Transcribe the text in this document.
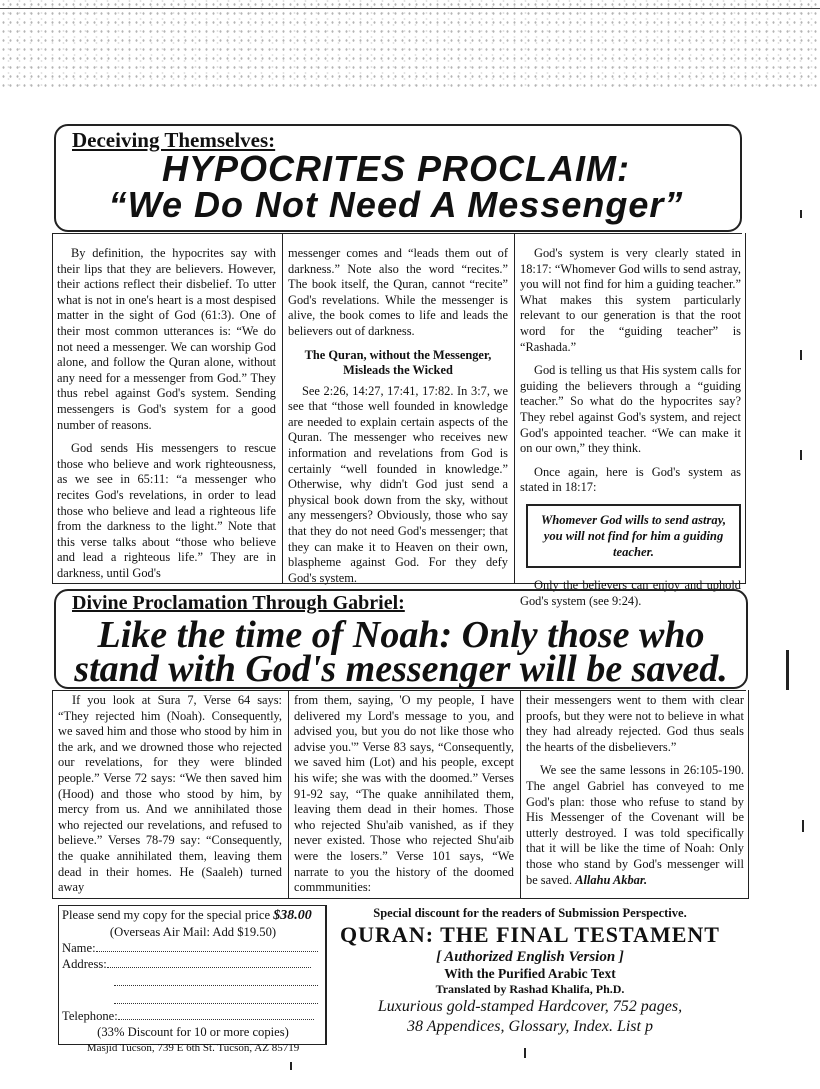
Deceiving Themselves:
HYPOCRITES PROCLAIM:
“We Do Not Need A Messenger”

By definition, the hypocrites say with their lips that they are believers. However, their actions reflect their disbelief. To utter what is not in one's heart is a most despised matter in the sight of God (61:3). One of their most common utterances is: “We do not need a messenger. We can worship God alone, and follow the Quran alone, without any need for a messenger from God.” They thus rebel against God's system. Sending messengers is God's system for a good number of reasons.

God sends His messengers to rescue those who believe and work righteousness, as we see in 65:11: “a messenger who recites God's revelations, in order to lead those who believe and lead a righteous life from the darkness to the light.” Note that this verse talks about “those who believe and lead a righteous life.” They are in darkness, until God's

messenger comes and “leads them out of darkness.” Note also the word “recites.” The book itself, the Quran, cannot “recite” God's revelations. While the messenger is alive, the book comes to life and leads the believers out of darkness.

The Quran, without the Messenger,
Misleads the Wicked

See 2:26, 14:27, 17:41, 17:82. In 3:7, we see that “those well founded in knowledge are needed to explain certain aspects of the Quran. The messenger who receives new information and revelations from God is certainly “well founded in knowledge.” Otherwise, why didn't God just send a physical book down from the sky, without any messengers? Obviously, those who say that they do not need God's messenger; that they can make it to Heaven on their own, blaspheme against God. For they defy God's system.

God's system is very clearly stated in 18:17: “Whomever God wills to send astray, you will not find for him a guiding teacher.” What makes this system particularly relevant to our generation is that the root word for the “guiding teacher” is “Rashada.”

God is telling us that His system calls for guiding the believers through a “guiding teacher.” So what do the hypocrites say? They rebel against God's system, and reject God's appointed teacher. “We can make it on our own,” they think.

Once again, here is God's system as stated in 18:17:

Whomever God wills to send astray, you will not find for him a guiding teacher.

Only the believers can enjoy and uphold God's system (see 9:24).

Divine Proclamation Through Gabriel:
Like the time of Noah: Only those who
stand with God's messenger will be saved.

If you look at Sura 7, Verse 64 says: “They rejected him (Noah). Consequently, we saved him and those who stood by him in the ark, and we drowned those who rejected our revelations, for they were blinded people.” Verse 72 says: “We then saved him (Hood) and those who stood by him, by mercy from us. And we annihilated those who rejected our revelations, and refused to believe.” Verses 78-79 say: “Consequently, the quake annihilated them, leaving them dead in their homes. He (Saaleh) turned away

from them, saying, 'O my people, I have delivered my Lord's message to you, and advised you, but you do not like those who advise you.'” Verse 83 says, “Consequently, we saved him (Lot) and his people, except his wife; she was with the doomed.” Verses 91-92 say, “The quake annihilated them, leaving them dead in their homes. Those who rejected Shu'aib vanished, as if they never existed. Those who rejected Shu'aib were the losers.” Verse 101 says, “We narrate to you the history of the doomed commmunities:

their messengers went to them with clear proofs, but they were not to believe in what they had already rejected. God thus seals the hearts of the disbelievers.”

We see the same lessons in 26:105-190. The angel Gabriel has conveyed to me God's plan: those who refuse to stand by His Messenger of the Covenant will be utterly destroyed. I was told specifically that it will be like the time of Noah: Only those who stand by God's messenger will be saved. Allahu Akbar.

Please send my copy for the special price $38.00
(Overseas Air Mail: Add $19.50)
Name:
Address:
Telephone:
(33% Discount for 10 or more copies)
Masjid Tucson, 739 E 6th St. Tucson, AZ 85719
Special discount for the readers of Submission Perspective.
QURAN: THE FINAL TESTAMENT
[ Authorized English Version ]
With the Purified Arabic Text
Translated by Rashad Khalifa, Ph.D.
Luxurious gold-stamped Hardcover, 752 pages,
38 Appendices, Glossary, Index. List p
